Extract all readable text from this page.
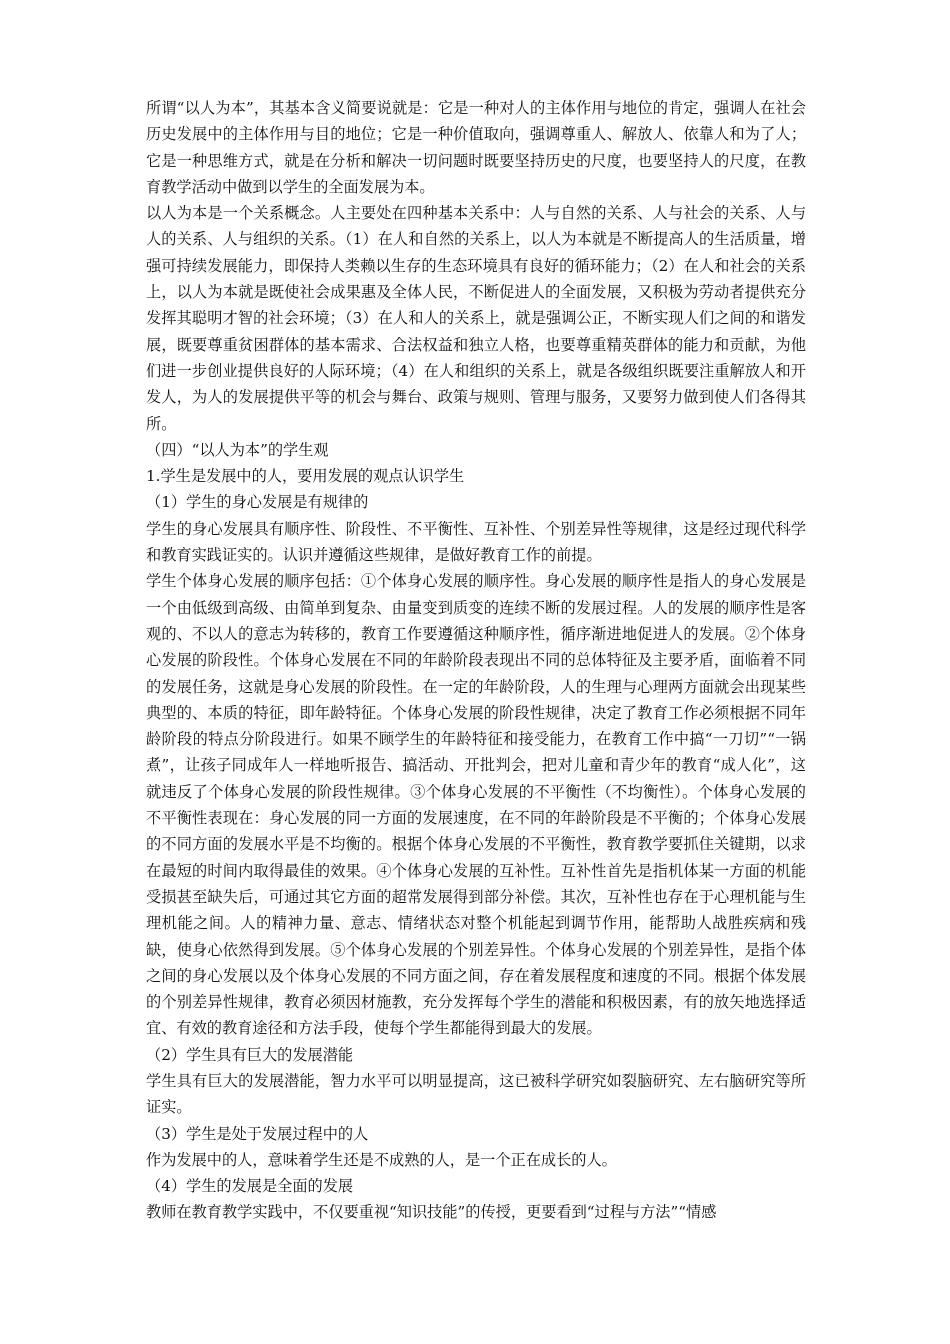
所谓“以人为本”，其基本含义简要说就是：它是一种对人的主体作用与地位的肯定，强调人在社会历史发展中的主体作用与目的地位；它是一种价值取向，强调尊重人、解放人、依靠人和为了人；它是一种思维方式，就是在分析和解决一切问题时既要坚持历史的尺度，也要坚持人的尺度，在教育教学活动中做到以学生的全面发展为本。

以人为本是一个关系概念。人主要处在四种基本关系中：人与自然的关系、人与社会的关系、人与人的关系、人与组织的关系。（1）在人和自然的关系上，以人为本就是不断提高人的生活质量，增强可持续发展能力，即保持人类赖以生存的生态环境具有良好的循环能力；（2）在人和社会的关系上，以人为本就是既使社会成果惠及全体人民，不断促进人的全面发展，又积极为劳动者提供充分发挥其聪明才智的社会环境；（3）在人和人的关系上，就是强调公正，不断实现人们之间的和谐发展，既要尊重贫困群体的基本需求、合法权益和独立人格，也要尊重精英群体的能力和贡献，为他们进一步创业提供良好的人际环境；（4）在人和组织的关系上，就是各级组织既要注重解放人和开发人，为人的发展提供平等的机会与舞台、政策与规则、管理与服务，又要努力做到使人们各得其所。

（四）“以人为本”的学生观

1.学生是发展中的人，要用发展的观点认识学生

（1）学生的身心发展是有规律的

学生的身心发展具有顺序性、阶段性、不平衡性、互补性、个别差异性等规律，这是经过现代科学和教育实践证实的。认识并遵循这些规律，是做好教育工作的前提。

学生个体身心发展的顺序包括：①个体身心发展的顺序性。身心发展的顺序性是指人的身心发展是一个由低级到高级、由简单到复杂、由量变到质变的连续不断的发展过程。人的发展的顺序性是客观的、不以人的意志为转移的，教育工作要遵循这种顺序性，循序渐进地促进人的发展。②个体身心发展的阶段性。个体身心发展在不同的年龄阶段表现出不同的总体特征及主要矛盾，面临着不同的发展任务，这就是身心发展的阶段性。在一定的年龄阶段，人的生理与心理两方面就会出现某些典型的、本质的特征，即年龄特征。个体身心发展的阶段性规律，决定了教育工作必须根据不同年龄阶段的特点分阶段进行。如果不顾学生的年龄特征和接受能力，在教育工作中搞“一刀切”“一锅煮”，让孩子同成年人一样地听报告、搞活动、开批判会，把对儿童和青少年的教育“成人化”，这就违反了个体身心发展的阶段性规律。③个体身心发展的不平衡性（不均衡性）。个体身心发展的不平衡性表现在：身心发展的同一方面的发展速度，在不同的年龄阶段是不平衡的；个体身心发展的不同方面的发展水平是不均衡的。根据个体身心发展的不平衡性，教育教学要抓住关键期，以求在最短的时间内取得最佳的效果。④个体身心发展的互补性。互补性首先是指机体某一方面的机能受损甚至缺失后，可通过其它方面的超常发展得到部分补偿。其次，互补性也存在于心理机能与生理机能之间。人的精神力量、意志、情绪状态对整个机能起到调节作用，能帮助人战胜疾病和残缺，使身心依然得到发展。⑤个体身心发展的个别差异性。个体身心发展的个别差异性，是指个体之间的身心发展以及个体身心发展的不同方面之间，存在着发展程度和速度的不同。根据个体发展的个别差异性规律，教育必须因材施教，充分发挥每个学生的潜能和积极因素，有的放矢地选择适宜、有效的教育途径和方法手段，使每个学生都能得到最大的发展。

（2）学生具有巨大的发展潜能

学生具有巨大的发展潜能，智力水平可以明显提高，这已被科学研究如裂脑研究、左右脑研究等所证实。

（3）学生是处于发展过程中的人

作为发展中的人，意味着学生还是不成熟的人，是一个正在成长的人。

（4）学生的发展是全面的发展

教师在教育教学实践中，不仅要重视“知识技能”的传授，更要看到“过程与方法”“情感
